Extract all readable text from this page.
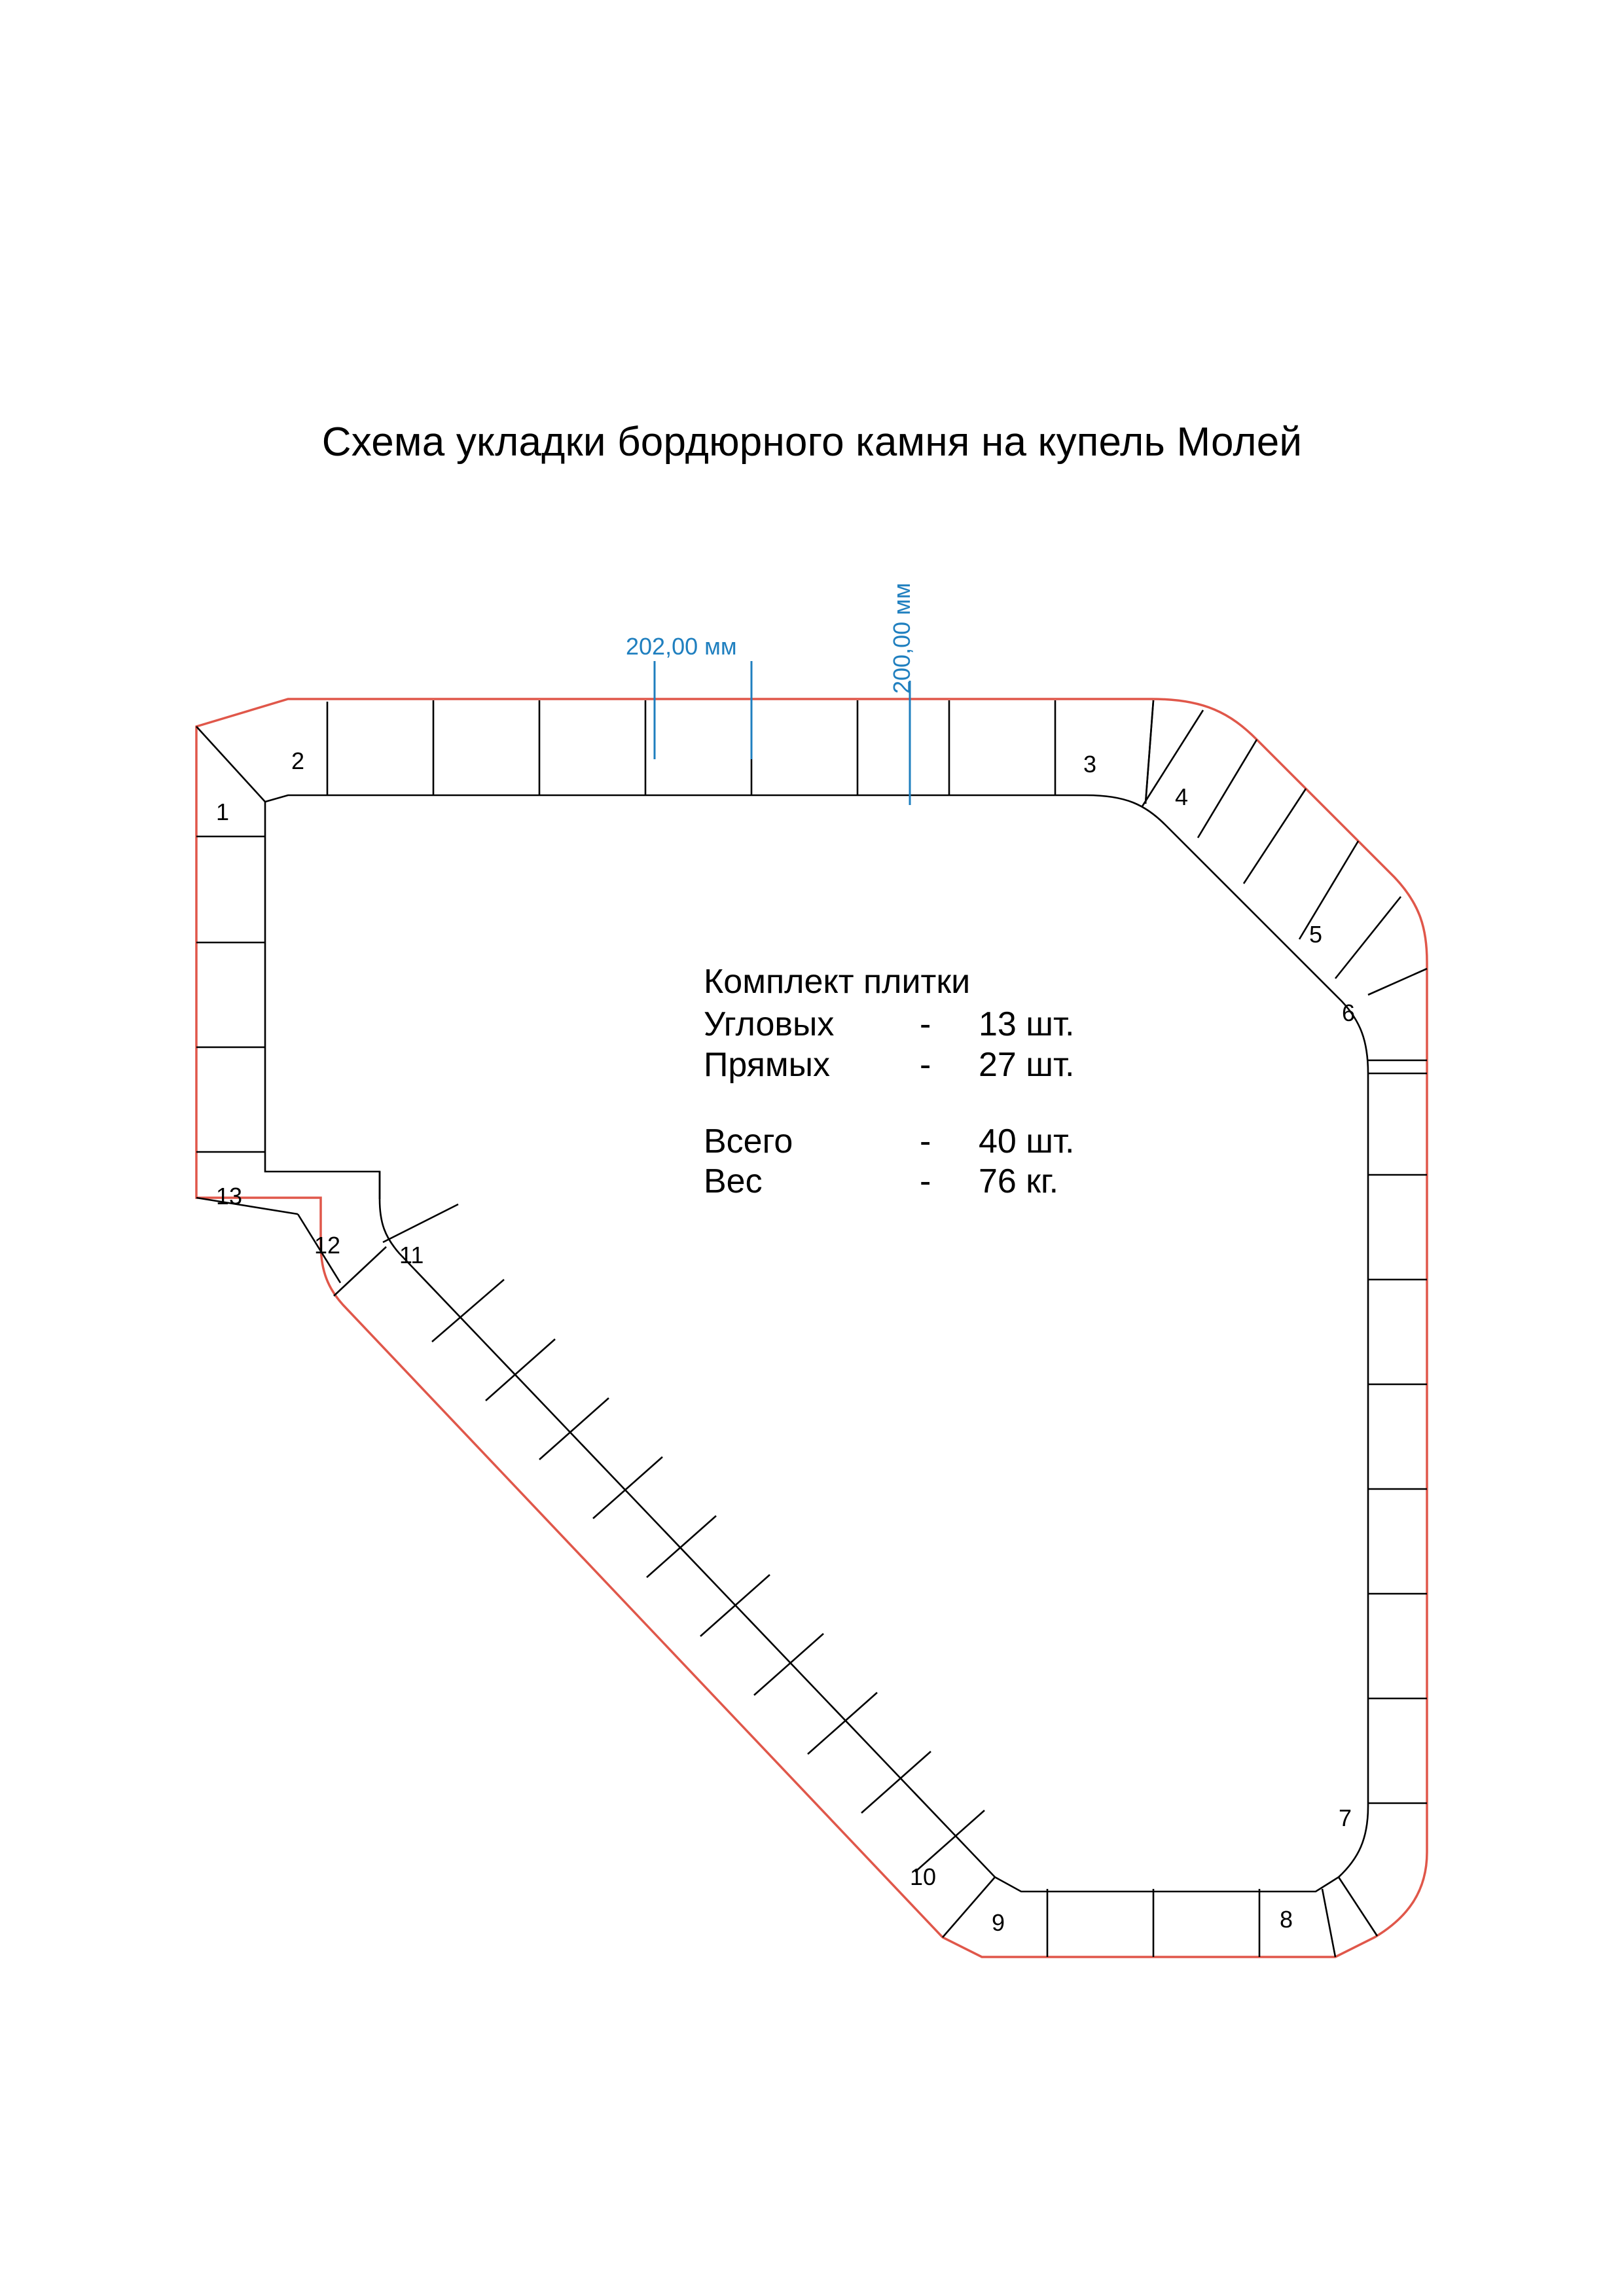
Схема укладки бордюрного камня на купель Молей
202,00 мм	200,00 мм
1
2	3
4
5
6
7
8
9
10
11
12
13
Комплект плитки
Угловых	-	13 шт.
Прямых	-	27 шт.
Всего	-	40 шт.
Вес	-	76 кг.
